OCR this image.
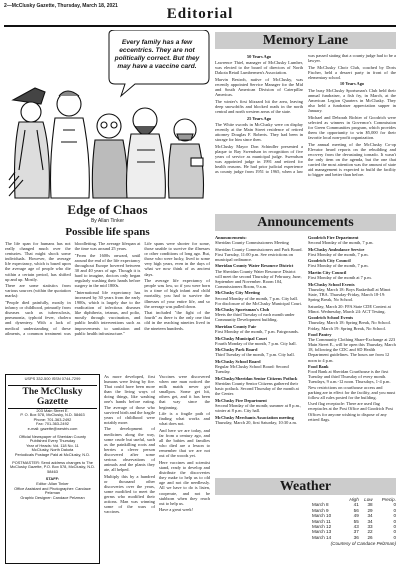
2—McClusky Gazette, Thursday, March 18, 2021	Editorial
Every family has a few eccentrics. They are not politically correct. But they may have a vaccine card.
Edge of Chaos
By Allan Tinker
Possible life spans

The life span for humans has not really changed much over the centuries. That might shock some individuals. However, the average life expectancy, which is based upon the average age of people who die within a certain period, has shifted up and up. Mostly.

There are some statistics from various sources (within the quotation marks):

"People died painfully, mostly in infancy or childhood, primarily from diseases such as tuberculosis, pneumonia, typhoid fever, cholera and dysentery. With a lack of medical understanding of these ailments, a common treatment was bloodletting. The average lifespan at the time was around 25 years.

"From the 1600s onward, until around the end of the life expectancy throughout Europe hovered between 30 and 40 years of age. Though it is hard to imagine, doctors only began regularly washing their hands before surgery in the mid 1800s.

"International life expectancy has increased by 30 years from the early 1900s, which is largely due to the eradication of infectious diseases like diphtheria, tetanus, and polio, mostly through vaccination, and public health interventions such as improvements to sanitation and public health infrastructure."

Life spans were shorter for some, those unable to survive the illnesses or other conditions of long ago. But, those who were lucky, lived to some very high years, even in the days of what we now think of as ancient days.

The average life expectancy of people was low, so if you were born in a time of high infant and child mortality, you had to survive the illnesses of your entire life, and so the average was pulled down.

That included "the fight of the fourth" as there is the only one that old in the reaching nineties lived in the nineteen hundreds.

USPS 332-500 ISSN 0744-7299
The McClusky Gazette
203 Main Street E.
P. O. Box 578, McClusky, N.D. 58463
Phone: 701-363-2492
Fax: 701-363-2492
e-mail: gazette@westriv.com
Official Newspaper of Sheridan County
Published Every Thursday
Year of Heads: Vol. 118 No. 11
McClusky, North Dakota
Periodicals Postage Paid at McClusky, N.D.
POSTMASTER: Send address changes to The McClusky Gazette, P.O. Box 578, McClusky, N.D. 58463
STAFF:
Editor: Allan Tinker
Office Assistant and Photographer: Candace Pelzman
Graphic Designer: Candace Pelzman

As more developed, first humans were living by fire. That could have been more than the living ways of doing things, like washing one's hands before eating. The average of those who survived birth and the fragile years of childhood were notably more.

The development of medicines along the way, some crude but useful, such as the painkilling roots and berries a clever person discovered after some serious observations of animals and the plants they ate, all helped.

Multiply this by a hundred or thousand other discoveries over the years, some modified to meet the germs who modified their actions. Man was winning some of the wars of vaccines.

Vaccines were discovered when one man noticed the milk maids never got smallpox. Some get hit, others get, and it has been that way since the beginning.

Life is a fragile path of finding what works and what does not.

And here we are today, and far from a century ago, and all the babies and families who died are a lesson to remember that we are not out of the woods yet.

Here vaccines and scientist stand, ready to develop and distribute the discoveries they make to help us to old age and not die needlessly. All we have to do is listen, cooperate, and not be stubborn when they reach out to help us.

Have a great week!

Memory Lane
50 Years Ago

Lawrence Thiel, manager of McClusky Lumber, was elected to the board of directors of North Dakota Retail Lumbermen's Association.

Marvin Bestroh, native of McClusky, was recently appointed Service Manager for the Mid and South American Division of Caterpillar Americas.

The winter's first blizzard hit the area, leaving deep snowdrifts and blocked roads in the north central and north western areas of the state.

25 Years Ago

The White swords in McClusky were on display recently at the Main Street residence of retired attorney Douglas F. Roberts. They had been in storage for him since then.

McClusky Mayor Don Schindler presented a plaque to Ray Swendson in recognition of five years of service as municipal judge. Swendson was appointed judge in 1991 and retired for health reasons. He had prior judicial experience as county judge from 1951 to 1965, when a law was passed stating that a county judge had to be a lawyer.

The McClusky Choir Club, coached by Doris Fischer, held a dessert party in front of the elementary school.

10 Years Ago

The busy McClusky Sportsman's Club held their annual fundraiser, a fish fry, in March, at the American Legion Quarters in McClusky. They also held a fundraiser appreciation supper in January.

Michael and Deborah Richter of Goodrich were selected as winners in Governor's Commission for Green Communities program, which provides them the opportunity to win $5,000 for their favorite local non-profit organization.

The annual meeting of the McClusky Co-op Elevator heard reports on the rebuilding and recovery from the devastating tornado. It wasn't the only item on the agenda, but the one that carried the most attention was the amount of state aid management is expected to build the facility to bigger and better than before.

Announcements

Announcements:
Sheridan County Commissioners Meeting

Sheridan County Commissioners and Park Board. First Tuesday, 11:00 p.m. See restrictions on municipal ordinance.

Sheridan County Water Resource District
The Sheridan County Water Resource District will meet the second Thursday of February, June, September and November. Room 104, Commissioners Room, 9 a.m.

McClusky City Meeting
Second Monday of the month, 7 p.m. City hall. For disclosure of the McClusky Municipal Court.

McClusky Sportsman's Club
Meets the third Tuesday of each month under Community Development building.

Sheridan County Fair
First Monday of the month, 7 p.m. Fairgrounds.

McClusky Municipal Court
Fourth Monday of the month, 7 p.m. City hall.

McClusky Park Board
Third Tuesday of the month, 7 p.m. City hall.

McClusky School Board
Regular McClusky School Board: Second Tuesday.

McClusky/Sheridan Senior Citizens Potluck
Sheridan County Senior Citizens gathered their basic potluck. Second Thursday of the month at the Center.

McClusky Fire Department
Second Monday of the month; summer at 8 p.m., winter at 8 p.m. City hall.

McClusky Merchants Association meeting
Thursday, March 20, first Saturday, 10:30 a.m.

Goodrich Fire Department
Second Monday of the month, 7 p.m.

McClusky Ambulance Service
First Monday of the month, 7 p.m.

Goodrich City Council
First Monday of the month, 7 p.m.

Martin City Council
First Monday of the month at 7 p.m.

McClusky School Events
Thursday, March 18: Boys Basketball at Minot State, TBA. Thursday-Friday, March 18-19: Spring Break, No School.

Saturday, March 20: FFA State CDE Contest at Minot. Wednesday, March 24: ACT Testing.

Goodrich School Events
Thursday, March 18: Spring Break, No School. Friday, March 19: Spring Break, No School.

Food Pantry
The Community Clothing Share-Exchange at 223 Main Street E., will be open this Thursday, March 18, following the CDC and SD Health Department guidelines. The hours are from 12 noon to 4 p.m.

Food Bank
Food Bank at Sheridan Courthouse is the first Tuesday and third Thursday of every month. Tuesdays, 9 a.m.-12 noon. Thursdays, 1-4 p.m. New restrictions on courthouse access and parking are in effect for the facility, and you must follow all rules posted for the building.

Used flag receptacle: There are used flag receptacles at the Post Office and Goodrich Post Offices for anyone wishing to dispose of any retired flags.

Weather
	High	Low	Precip.
March 8	41	38	0
March 9	56	29	0
March 10	49	34	0
March 11	55	34	0
March 12	43	33	0
March 13	37	22	0
March 14	36	26	0
(Courtesy of Candace Pelzman)
